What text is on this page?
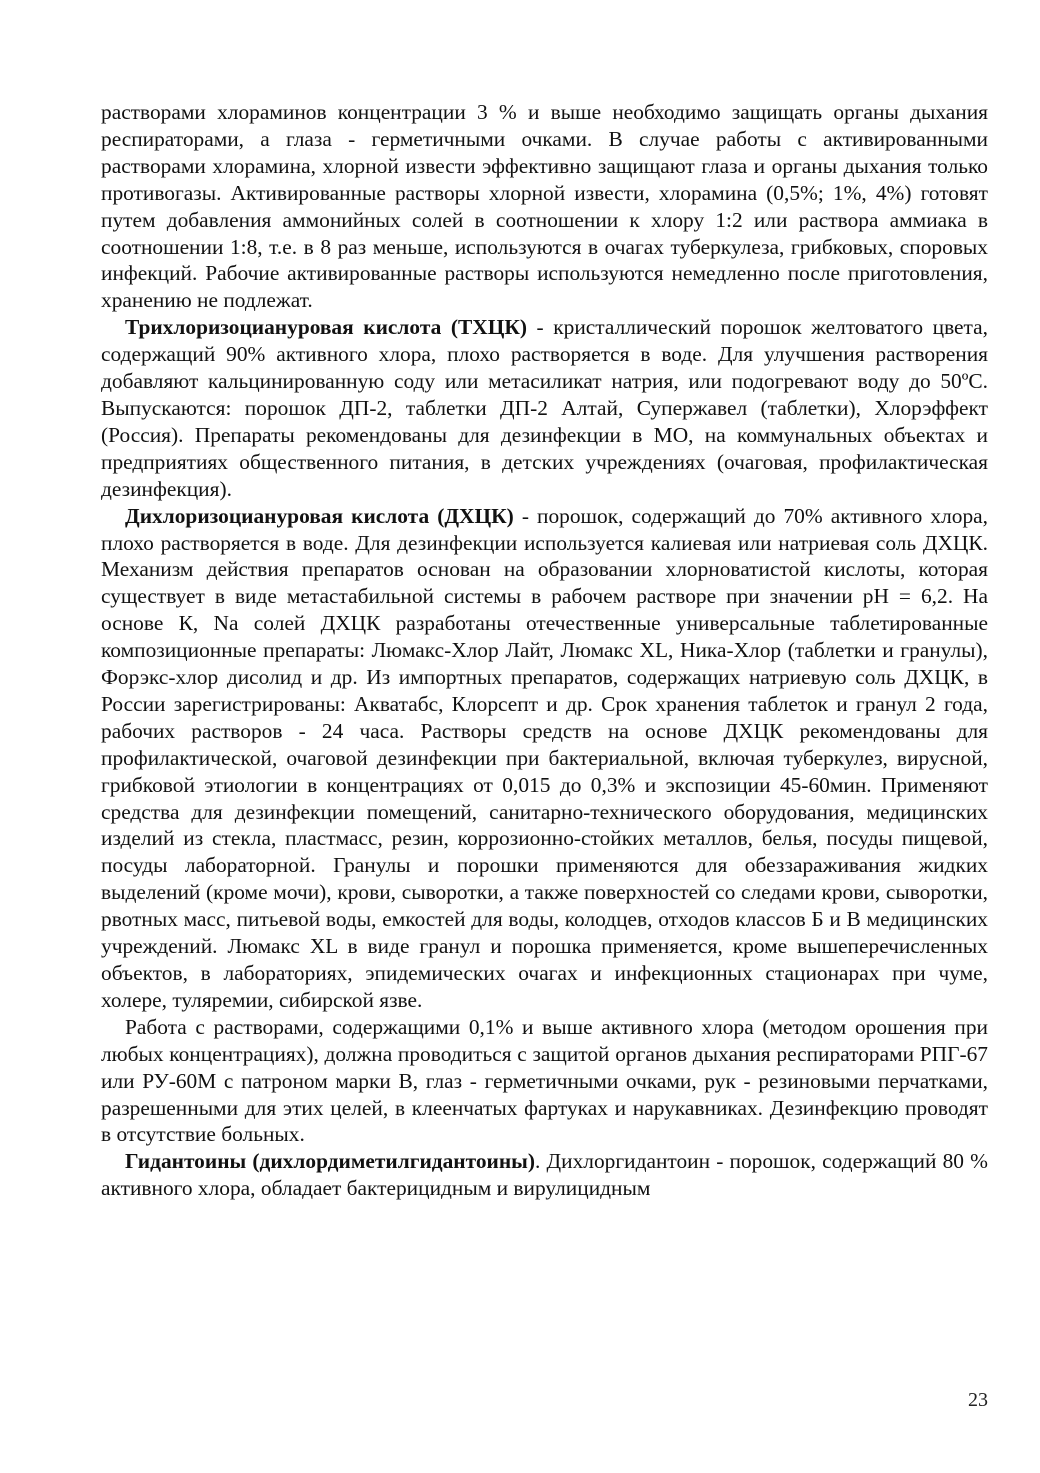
растворами хлораминов концентрации 3 % и выше необходимо защищать органы дыхания респираторами, а глаза - герметичными очками. В случае работы с активированными растворами хлорамина, хлорной извести эффективно защищают глаза и органы дыхания только противогазы. Активированные растворы хлорной извести, хлорамина (0,5%; 1%, 4%) готовят путем добавления аммонийных солей в соотношении к хлору 1:2 или раствора аммиака в соотношении 1:8, т.е. в 8 раз меньше, используются в очагах туберкулеза, грибковых, споровых инфекций. Рабочие активированные растворы используются немедленно после приготовления, хранению не подлежат.

Трихлоризоциануровая кислота (ТХЦК) - кристаллический порошок желтоватого цвета, содержащий 90% активного хлора, плохо растворяется в воде. Для улучшения растворения добавляют кальцинированную соду или метасиликат натрия, или подогревают воду до 50ºС. Выпускаются: порошок ДП-2, таблетки ДП-2 Алтай, Супержавел (таблетки), Хлорэффект (Россия). Препараты рекомендованы для дезинфекции в МО, на коммунальных объектах и предприятиях общественного питания, в детских учреждениях (очаговая, профилактическая дезинфекция).

Дихлоризоциануровая кислота (ДХЦК) - порошок, содержащий до 70% активного хлора, плохо растворяется в воде. Для дезинфекции используется калиевая или натриевая соль ДХЦК. Механизм действия препаратов основан на образовании хлорноватистой кислоты, которая существует в виде метастабильной системы в рабочем растворе при значении рН = 6,2. На основе К, Na солей ДХЦК разработаны отечественные универсальные таблетированные композиционные препараты: Люмакс-Хлор Лайт, Люмакс XL, Ника-Хлор (таблетки и гранулы), Форэкс-хлор дисолид и др. Из импортных препаратов, содержащих натриевую соль ДХЦК, в России зарегистрированы: Акватабс, Клорсепт и др. Срок хранения таблеток и гранул 2 года, рабочих растворов - 24 часа. Растворы средств на основе ДХЦК рекомендованы для профилактической, очаговой дезинфекции при бактериальной, включая туберкулез, вирусной, грибковой этиологии в концентрациях от 0,015 до 0,3% и экспозиции 45-60мин. Применяют средства для дезинфекции помещений, санитарно-технического оборудования, медицинских изделий из стекла, пластмасс, резин, коррозионно-стойких металлов, белья, посуды пищевой, посуды лабораторной. Гранулы и порошки применяются для обеззараживания жидких выделений (кроме мочи), крови, сыворотки, а также поверхностей со следами крови, сыворотки, рвотных масс, питьевой воды, емкостей для воды, колодцев, отходов классов Б и В медицинских учреждений. Люмакс XL в виде гранул и порошка применяется, кроме вышеперечисленных объектов, в лабораториях, эпидемических очагах и инфекционных стационарах при чуме, холере, туляремии, сибирской язве.

Работа с растворами, содержащими 0,1% и выше активного хлора (методом орошения при любых концентрациях), должна проводиться с защитой органов дыхания респираторами РПГ-67 или РУ-60М с патроном марки В, глаз - герметичными очками, рук - резиновыми перчатками, разрешенными для этих целей, в клеенчатых фартуках и нарукавниках. Дезинфекцию проводят в отсутствие больных.

Гидантоины (дихлордиметилгидантоины). Дихлоргидантоин - порошок, содержащий 80 % активного хлора, обладает бактерицидным и вирулицидным

23
